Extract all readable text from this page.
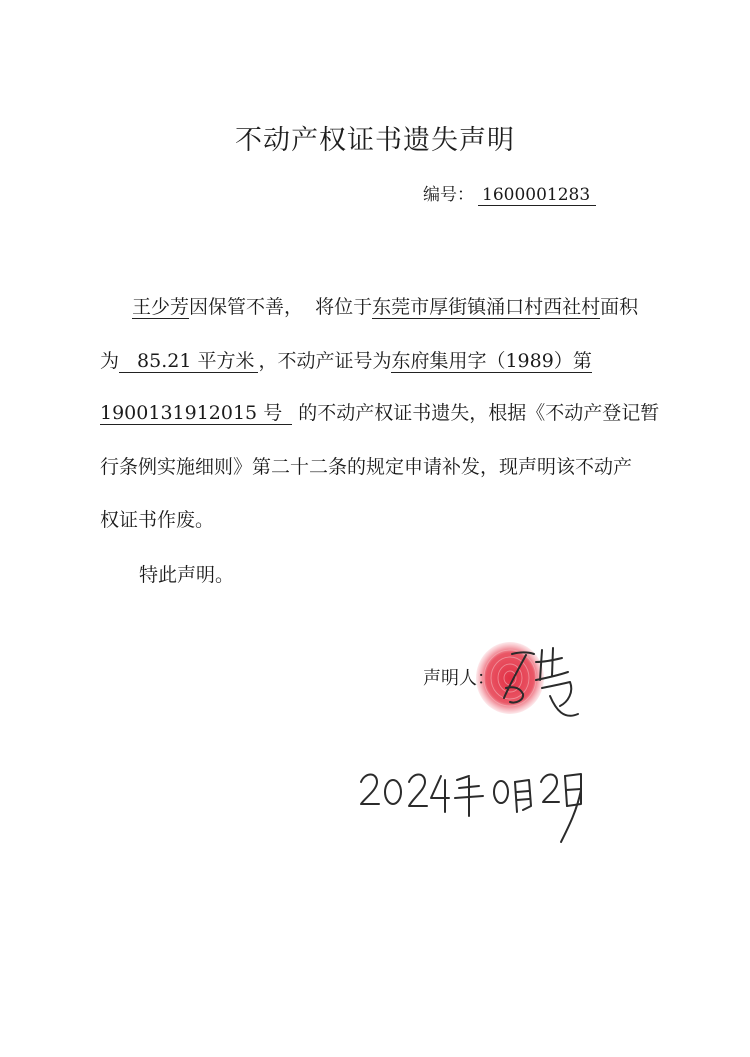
不动产权证书遗失声明
编号： 1600001283
王少芳因保管不善，  将位于东莞市厚街镇涌口村西社村面积
为 85.21 平方米 ，不动产证号为东府集用字（1989）第
1900131912015 号 的不动产权证书遗失，根据《不动产登记暂
行条例实施细则》第二十二条的规定申请补发，现声明该不动产
权证书作废。
特此声明。
声明人：
